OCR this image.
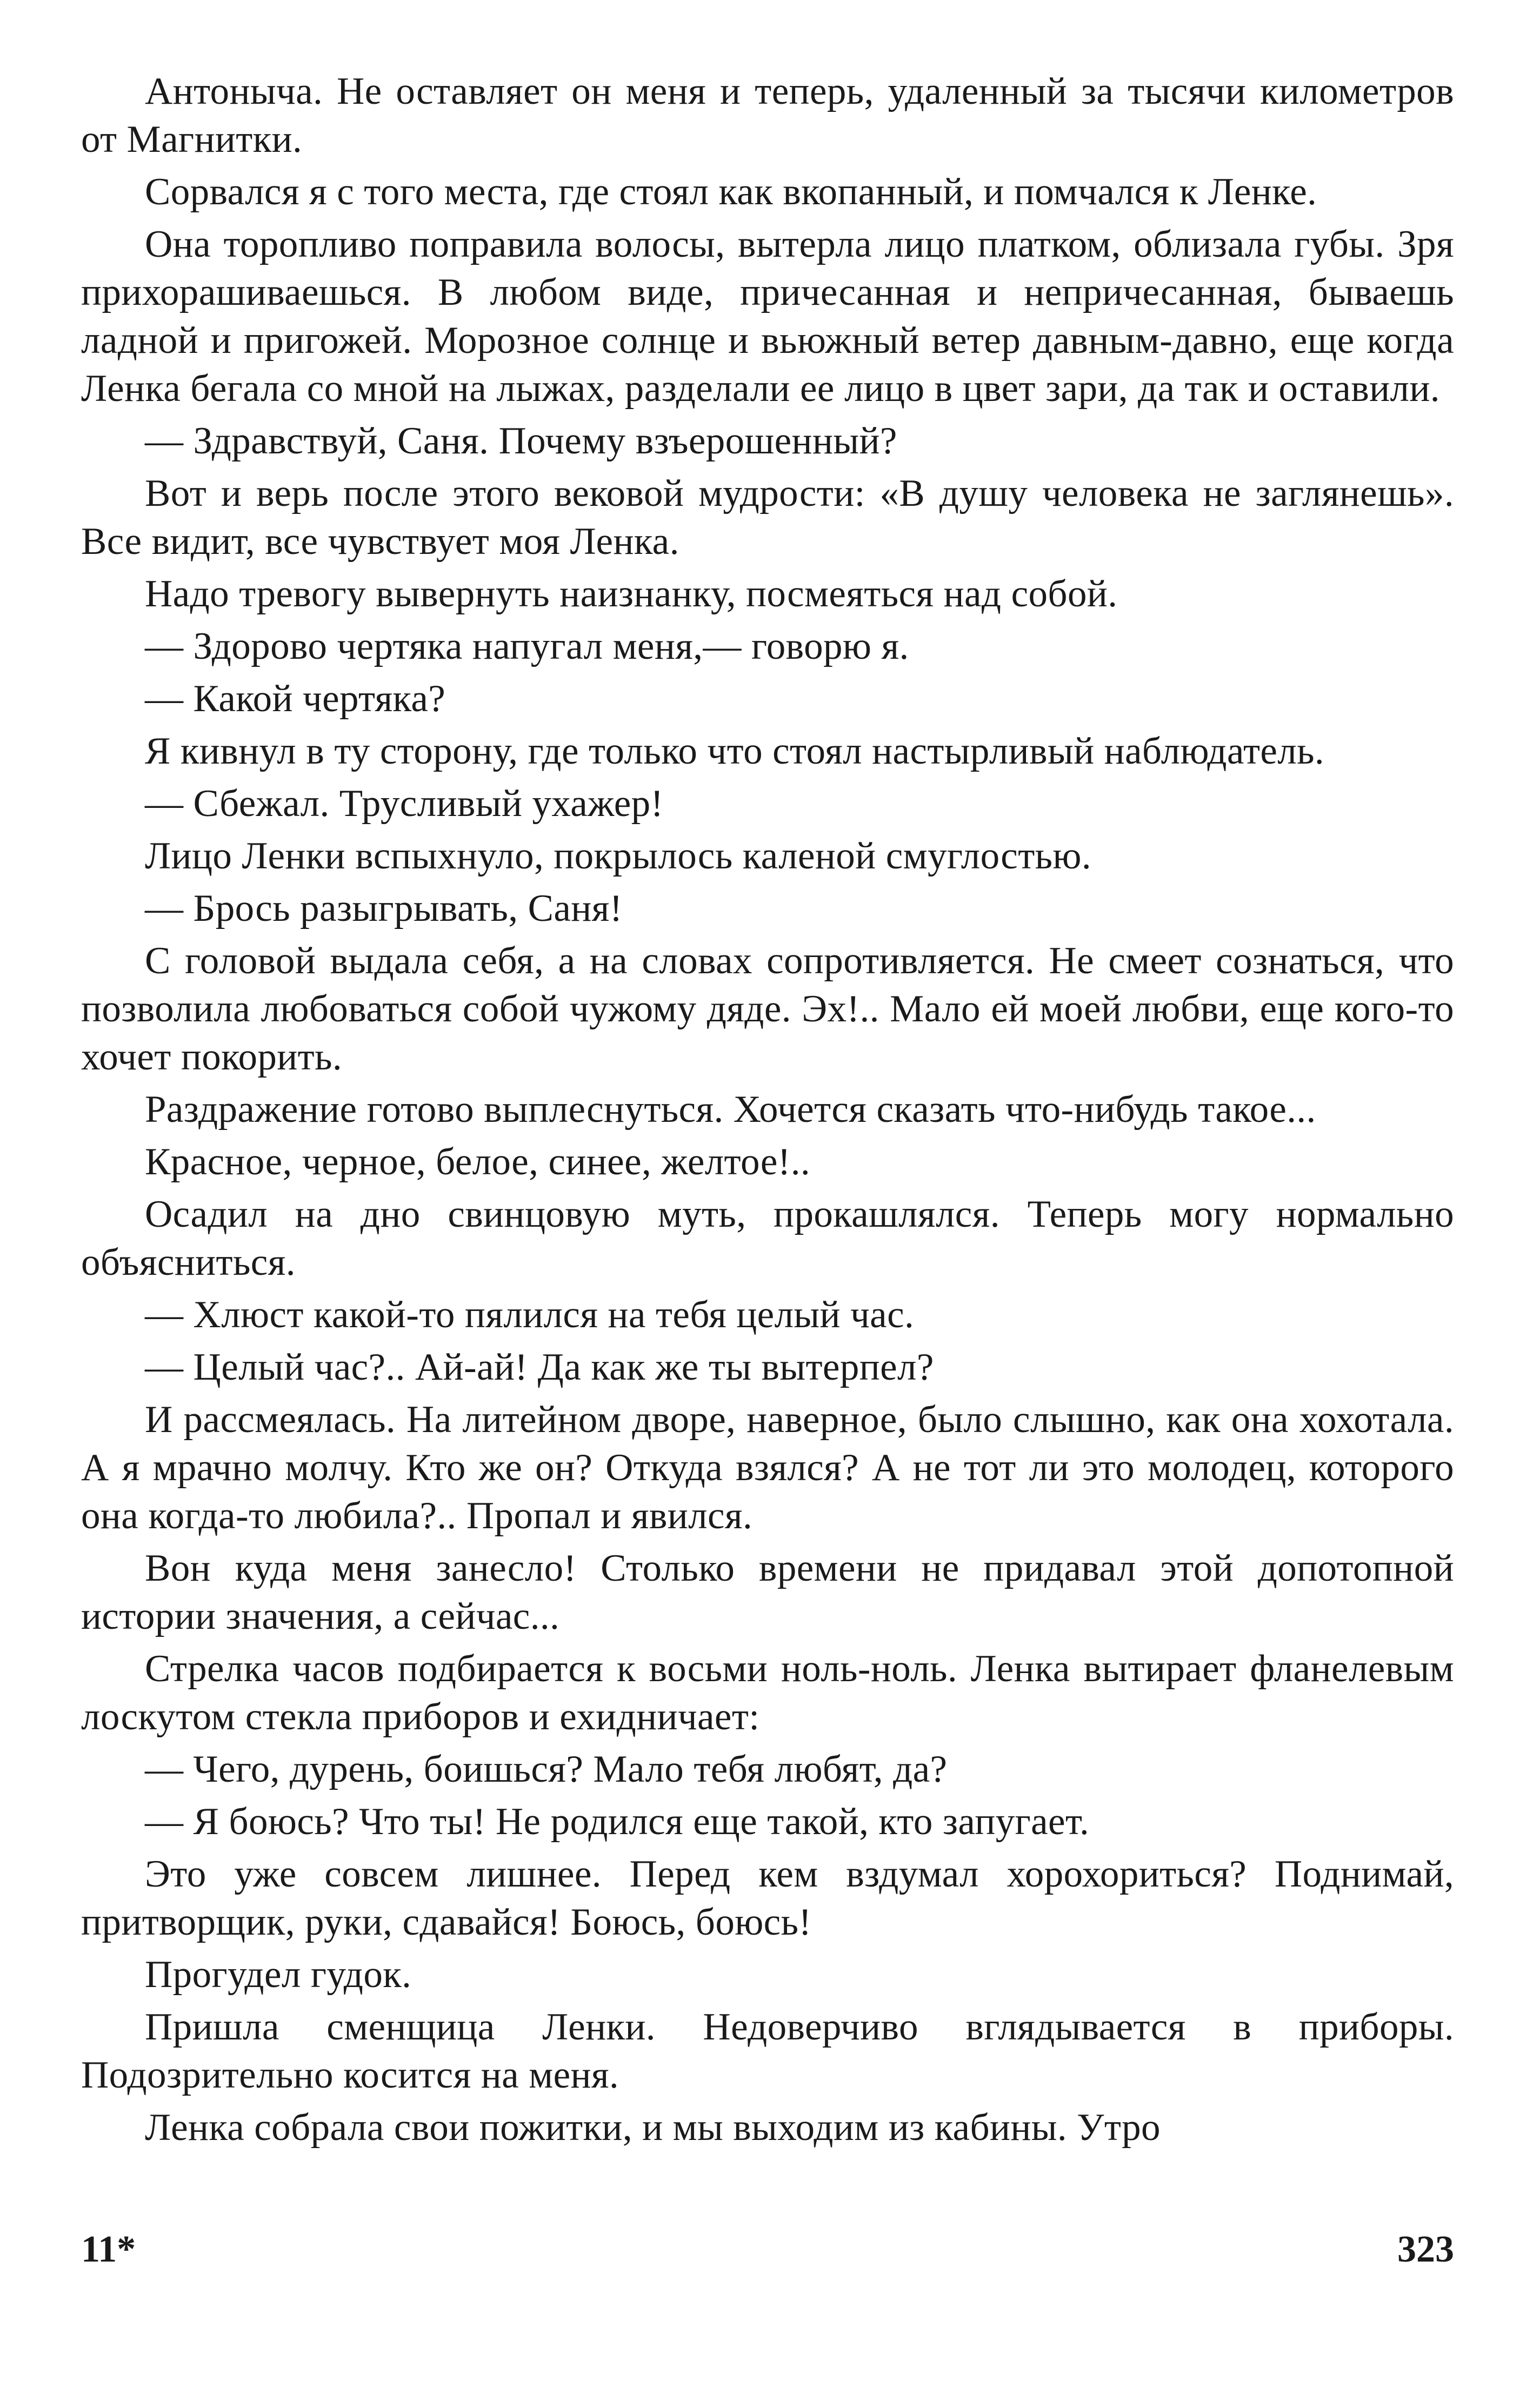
Антоныча. Не оставляет он меня и теперь, удаленный за тысячи километров от Магнитки.

Сорвался я с того места, где стоял как вкопанный, и помчался к Ленке.

Она торопливо поправила волосы, вытерла лицо платком, облизала губы. Зря прихорашиваешься. В любом виде, причесанная и непричесанная, бываешь ладной и пригожей. Морозное солнце и вьюжный ветер давным-давно, еще когда Ленка бегала со мной на лыжах, разделали ее лицо в цвет зари, да так и оставили.

— Здравствуй, Саня. Почему взъерошенный?

Вот и верь после этого вековой мудрости: «В душу человека не заглянешь». Все видит, все чувствует моя Ленка.

Надо тревогу вывернуть наизнанку, посмеяться над собой.

— Здорово чертяка напугал меня,— говорю я.

— Какой чертяка?

Я кивнул в ту сторону, где только что стоял настырливый наблюдатель.

— Сбежал. Трусливый ухажер!

Лицо Ленки вспыхнуло, покрылось каленой смуглостью.

— Брось разыгрывать, Саня!

С головой выдала себя, а на словах сопротивляется. Не смеет сознаться, что позволила любоваться собой чужому дяде. Эх!.. Мало ей моей любви, еще кого-то хочет покорить.

Раздражение готово выплеснуться. Хочется сказать что-нибудь такое...

Красное, черное, белое, синее, желтое!..

Осадил на дно свинцовую муть, прокашлялся. Теперь могу нормально объясниться.

— Хлюст какой-то пялился на тебя целый час.

— Целый час?.. Ай-ай! Да как же ты вытерпел?

И рассмеялась. На литейном дворе, наверное, было слышно, как она хохотала. А я мрачно молчу. Кто же он? Откуда взялся? А не тот ли это молодец, которого она когда-то любила?.. Пропал и явился.

Вон куда меня занесло! Столько времени не придавал этой допотопной истории значения, а сейчас...

Стрелка часов подбирается к восьми ноль-ноль. Ленка вытирает фланелевым лоскутом стекла приборов и ехидничает:

— Чего, дурень, боишься? Мало тебя любят, да?

— Я боюсь? Что ты! Не родился еще такой, кто запугает.

Это уже совсем лишнее. Перед кем вздумал хорохориться? Поднимай, притворщик, руки, сдавайся! Боюсь, боюсь!

Прогудел гудок.

Пришла сменщица Ленки. Недоверчиво вглядывается в приборы. Подозрительно косится на меня.

Ленка собрала свои пожитки, и мы выходим из кабины. Утро

11*	323
